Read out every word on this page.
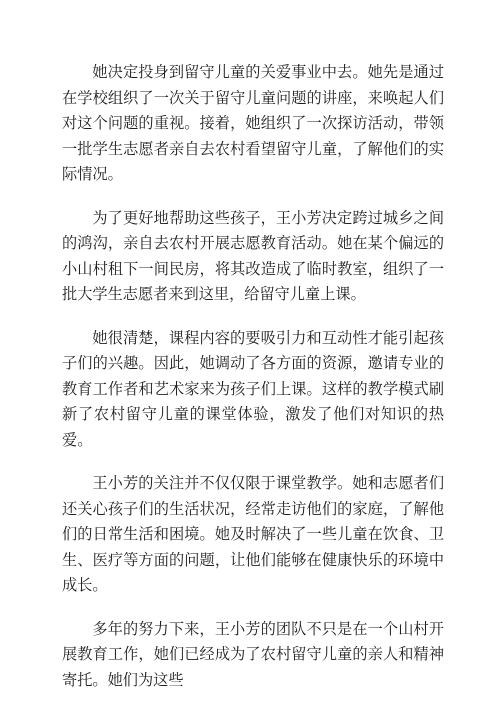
她决定投身到留守儿童的关爱事业中去。她先是通过在学校组织了一次关于留守儿童问题的讲座，来唤起人们对这个问题的重视。接着，她组织了一次探访活动，带领一批学生志愿者亲自去农村看望留守儿童，了解他们的实际情况。

为了更好地帮助这些孩子，王小芳决定跨过城乡之间的鸿沟，亲自去农村开展志愿教育活动。她在某个偏远的小山村租下一间民房，将其改造成了临时教室，组织了一批大学生志愿者来到这里，给留守儿童上课。

她很清楚，课程内容的要吸引力和互动性才能引起孩子们的兴趣。因此，她调动了各方面的资源，邀请专业的教育工作者和艺术家来为孩子们上课。这样的教学模式刷新了农村留守儿童的课堂体验，激发了他们对知识的热爱。

王小芳的关注并不仅仅限于课堂教学。她和志愿者们还关心孩子们的生活状况，经常走访他们的家庭，了解他们的日常生活和困境。她及时解决了一些儿童在饮食、卫生、医疗等方面的问题，让他们能够在健康快乐的环境中成长。

多年的努力下来，王小芳的团队不只是在一个山村开展教育工作，她们已经成为了农村留守儿童的亲人和精神寄托。她们为这些
